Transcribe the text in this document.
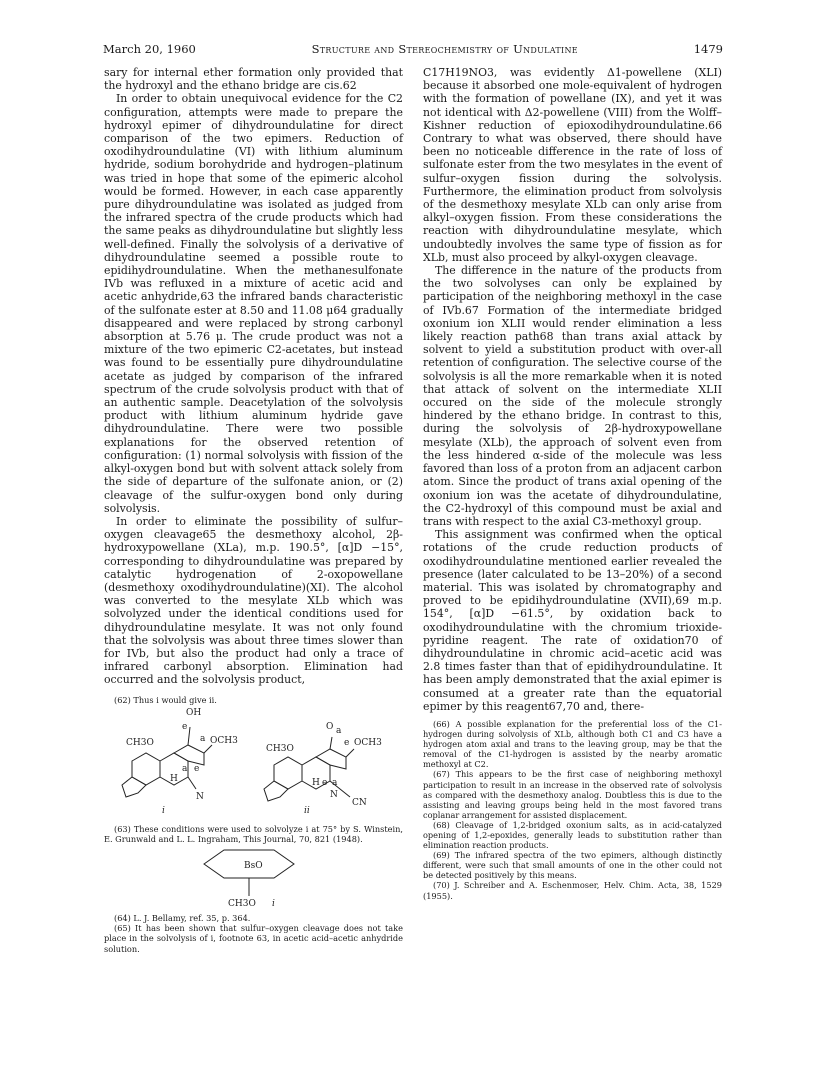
March 20, 1960	Structure and Stereochemistry of Undulatine	1479

sary for internal ether formation only provided that the hydroxyl and the ethano bridge are cis.62

In order to obtain unequivocal evidence for the C2 configuration, attempts were made to prepare the hydroxyl epimer of dihydroundulatine for direct comparison of the two epimers. Reduction of oxodihydroundulatine (VI) with lithium aluminum hydride, sodium borohydride and hydrogen–platinum was tried in hope that some of the epimeric alcohol would be formed. However, in each case apparently pure dihydroundulatine was isolated as judged from the infrared spectra of the crude products which had the same peaks as dihydroundulatine but slightly less well-defined. Finally the solvolysis of a derivative of dihydroundulatine seemed a possible route to epidihydroundulatine. When the methanesulfonate IVb was refluxed in a mixture of acetic acid and acetic anhydride,63 the infrared bands characteristic of the sulfonate ester at 8.50 and 11.08 μ64 gradually disappeared and were replaced by strong carbonyl absorption at 5.76 μ. The crude product was not a mixture of the two epimeric C2-acetates, but instead was found to be essentially pure dihydroundulatine acetate as judged by comparison of the infrared spectrum of the crude solvolysis product with that of an authentic sample. Deacetylation of the solvolysis product with lithium aluminum hydride gave dihydroundulatine. There were two possible explanations for the observed retention of configuration: (1) normal solvolysis with fission of the alkyl-oxygen bond but with solvent attack solely from the side of departure of the sulfonate anion, or (2) cleavage of the sulfur-oxygen bond only during solvolysis.

In order to eliminate the possibility of sulfur–oxygen cleavage65 the desmethoxy alcohol, 2β-hydroxypowellane (XLa), m.p. 190.5°, [α]D −15°, corresponding to dihydroundulatine was prepared by catalytic hydrogenation of 2-oxopowellane (desmethoxy oxodihydroundulatine)(XI). The alcohol was converted to the mesylate XLb which was solvolyzed under the identical conditions used for dihydroundulatine mesylate. It was not only found that the solvolysis was about three times slower than for IVb, but also the product had only a trace of infrared carbonyl absorption. Elimination had occurred and the solvolysis product,

(62) Thus i would give ii.

OH
e
a OCH3
CH3O
a e
H
N
i
O a
e OCH3
CH3O
H e a
N
CN
ii

(63) These conditions were used to solvolyze i at 75° by S. Winstein, E. Grunwald and L. L. Ingraham, This Journal, 70, 821 (1948).

BsO
CH3O i

(64) L. J. Bellamy, ref. 35, p. 364.

(65) It has been shown that sulfur–oxygen cleavage does not take place in the solvolysis of i, footnote 63, in acetic acid–acetic anhydride solution.

C17H19NO3, was evidently Δ1-powellene (XLI) because it absorbed one mole-equivalent of hydrogen with the formation of powellane (IX), and yet it was not identical with Δ2-powellene (VIII) from the Wolff–Kishner reduction of epioxodihydroundulatine.66 Contrary to what was observed, there should have been no noticeable difference in the rate of loss of sulfonate ester from the two mesylates in the event of sulfur–oxygen fission during the solvolysis. Furthermore, the elimination product from solvolysis of the desmethoxy mesylate XLb can only arise from alkyl–oxygen fission. From these considerations the reaction with dihydroundulatine mesylate, which undoubtedly involves the same type of fission as for XLb, must also proceed by alkyl-oxygen cleavage.

The difference in the nature of the products from the two solvolyses can only be explained by participation of the neighboring methoxyl in the case of IVb.67 Formation of the intermediate bridged oxonium ion XLII would render elimination a less likely reaction path68 than trans axial attack by solvent to yield a substitution product with over-all retention of configuration. The selective course of the solvolysis is all the more remarkable when it is noted that attack of solvent on the intermediate XLII occured on the side of the molecule strongly hindered by the ethano bridge. In contrast to this, during the solvolysis of 2β-hydroxypowellane mesylate (XLb), the approach of solvent even from the less hindered α-side of the molecule was less favored than loss of a proton from an adjacent carbon atom. Since the product of trans axial opening of the oxonium ion was the acetate of dihydroundulatine, the C2-hydroxyl of this compound must be axial and trans with respect to the axial C3-methoxyl group.

This assignment was confirmed when the optical rotations of the crude reduction products of oxodihydroundulatine mentioned earlier revealed the presence (later calculated to be 13–20%) of a second material. This was isolated by chromatography and proved to be epidihydroundulatine (XVII),69 m.p. 154°, [α]D −61.5°, by oxidation back to oxodihydroundulatine with the chromium trioxide-pyridine reagent. The rate of oxidation70 of dihydroundulatine in chromic acid–acetic acid was 2.8 times faster than that of epidihydroundulatine. It has been amply demonstrated that the axial epimer is consumed at a greater rate than the equatorial epimer by this reagent67,70 and, there-

(66) A possible explanation for the preferential loss of the C1-hydrogen during solvolysis of XLb, although both C1 and C3 have a hydrogen atom axial and trans to the leaving group, may be that the removal of the C1-hydrogen is assisted by the nearby aromatic methoxyl at C2.

(67) This appears to be the first case of neighboring methoxyl participation to result in an increase in the observed rate of solvolysis as compared with the desmethoxy analog. Doubtless this is due to the assisting and leaving groups being held in the most favored trans coplanar arrangement for assisted displacement.

(68) Cleavage of 1,2-bridged oxonium salts, as in acid-catalyzed opening of 1,2-epoxides, generally leads to substitution rather than elimination reaction products.

(69) The infrared spectra of the two epimers, although distinctly different, were such that small amounts of one in the other could not be detected positively by this means.

(70) J. Schreiber and A. Eschenmoser, Helv. Chim. Acta, 38, 1529 (1955).
